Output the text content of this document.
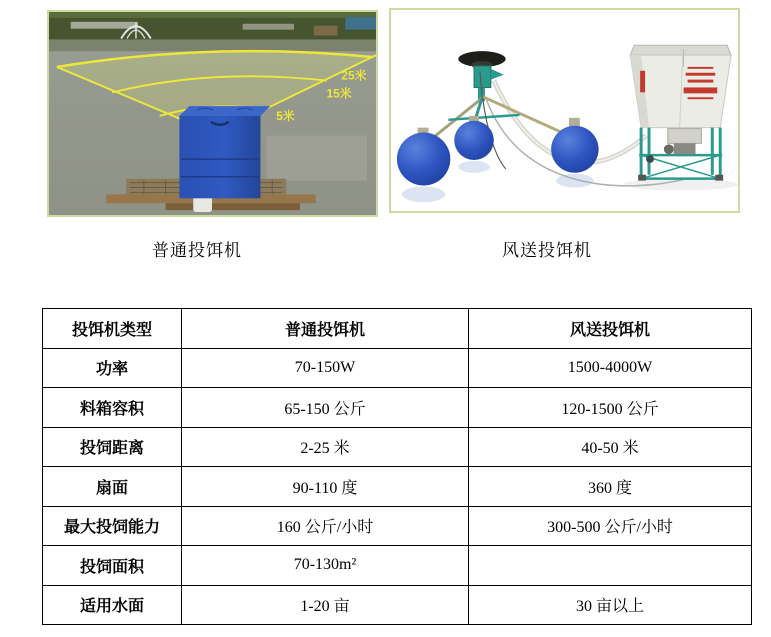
25米
15米
5米
普通投饵机	风送投饵机
投饵机类型	普通投饵机	风送投饵机
功率	70-150W	1500-4000W
料箱容积	65-150 公斤	120-1500 公斤
投饲距离	2-25 米	40-50 米
扇面	90-110 度	360 度
最大投饲能力	160 公斤/小时	300-500 公斤/小时
投饲面积	70-130m²	
适用水面	1-20 亩	30 亩以上
